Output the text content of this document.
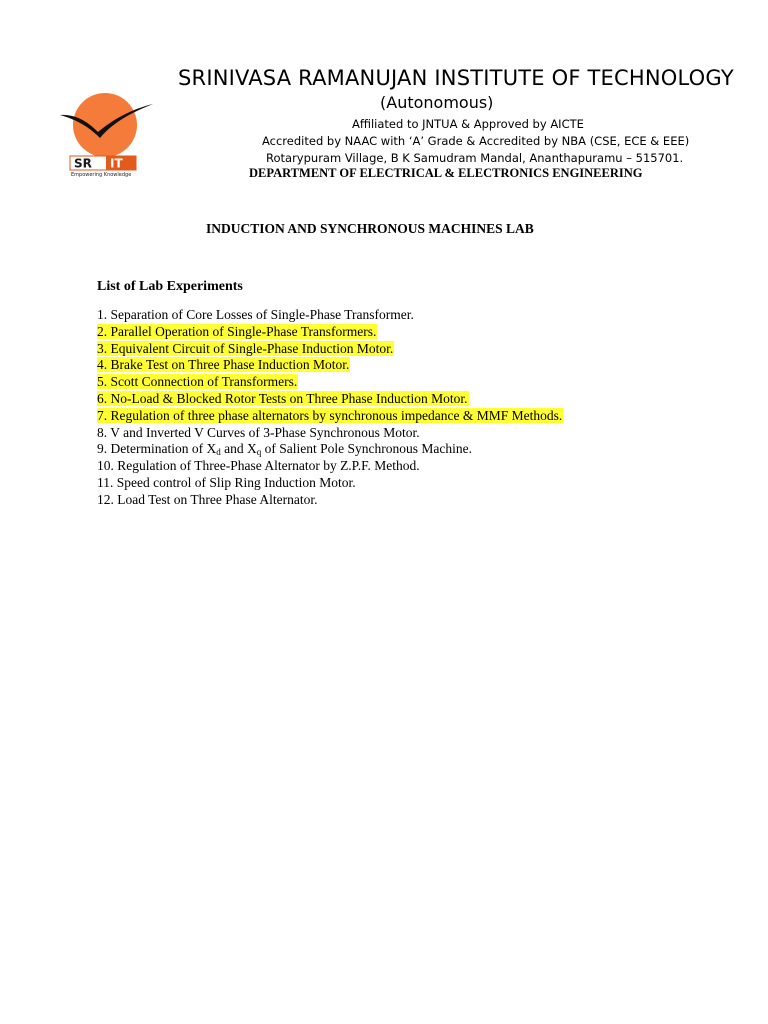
SR IT
Empowering Knowledge
SRINIVASA RAMANUJAN INSTITUTE OF TECHNOLOGY
(Autonomous)
Affiliated to JNTUA & Approved by AICTE
Accredited by NAAC with ‘A’ Grade & Accredited by NBA (CSE, ECE & EEE)
Rotarypuram Village, B K Samudram Mandal, Ananthapuramu – 515701.
DEPARTMENT OF ELECTRICAL & ELECTRONICS ENGINEERING
INDUCTION AND SYNCHRONOUS MACHINES LAB
List of Lab Experiments
1. Separation of Core Losses of Single-Phase Transformer.
2. Parallel Operation of Single-Phase Transformers.
3. Equivalent Circuit of Single-Phase Induction Motor.
4. Brake Test on Three Phase Induction Motor.
5. Scott Connection of Transformers.
6. No-Load & Blocked Rotor Tests on Three Phase Induction Motor.
7. Regulation of three phase alternators by synchronous impedance & MMF Methods.
8. V and Inverted V Curves of 3-Phase Synchronous Motor.
9. Determination of $X_d$ and $X_q$ of Salient Pole Synchronous Machine.
10. Regulation of Three-Phase Alternator by Z.P.F. Method.
11. Speed control of Slip Ring Induction Motor.
12. Load Test on Three Phase Alternator.
